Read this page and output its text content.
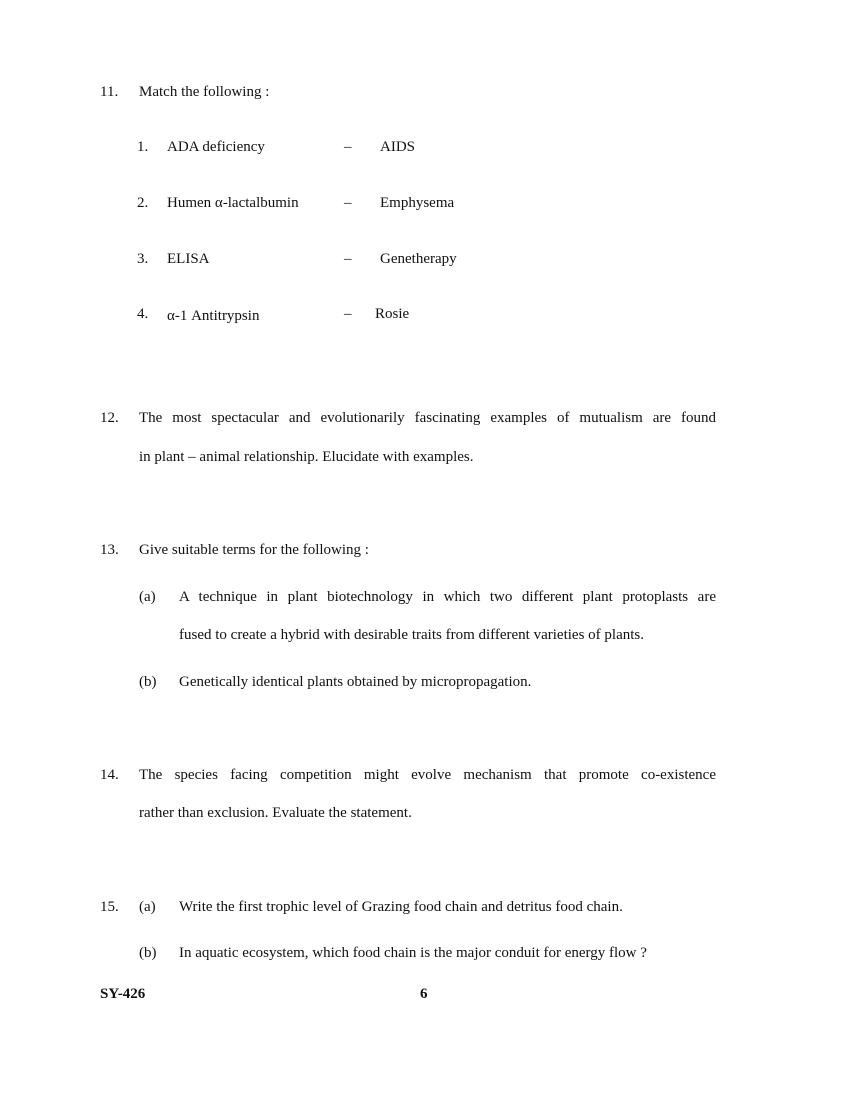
11. Match the following :
1. ADA deficiency	– AIDS
2. Humen α-lactalbumin	– Emphysema
3. ELISA	– Genetherapy
4. α-1 Antitrypsin	– Rosie
12. The most spectacular and evolutionarily fascinating examples of mutualism are found
in plant – animal relationship. Elucidate with examples.
13. Give suitable terms for the following :
(a) A technique in plant biotechnology in which two different plant protoplasts are
fused to create a hybrid with desirable traits from different varieties of plants.
(b) Genetically identical plants obtained by micropropagation.
14. The species facing competition might evolve mechanism that promote co-existence
rather than exclusion. Evaluate the statement.
15. (a) Write the first trophic level of Grazing food chain and detritus food chain.
(b) In aquatic ecosystem, which food chain is the major conduit for energy flow ?
SY-426	6
